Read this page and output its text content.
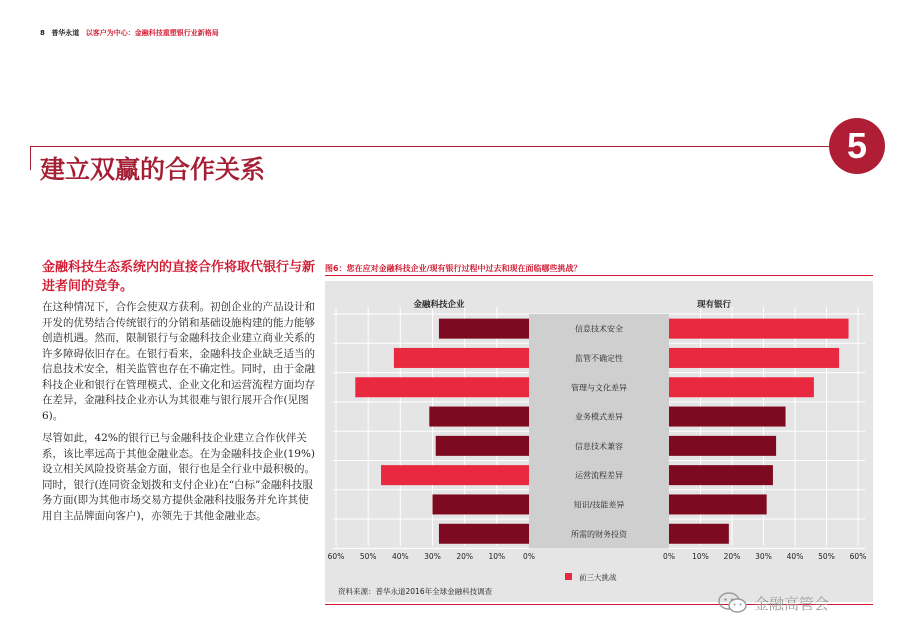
8 普华永道 以客户为中心：金融科技重塑银行业新格局
建立双赢的合作关系
5
金融科技生态系统内的直接合作将取代银行与新进者间的竞争。
在这种情况下，合作会使双方获利。初创企业的产品设计和开发的优势结合传统银行的分销和基础设施构建的能力能够创造机遇。然而，限制银行与金融科技企业建立商业关系的许多障碍依旧存在。在银行看来，金融科技企业缺乏适当的信息技术安全，相关监管也存在不确定性。同时，由于金融科技企业和银行在管理模式、企业文化和运营流程方面均存在差异，金融科技企业亦认为其很难与银行展开合作(见图6)。
尽管如此，42%的银行已与金融科技企业建立合作伙伴关系，该比率远高于其他金融业态。在为金融科技企业(19%)设立相关风险投资基金方面，银行也是全行业中最积极的。同时，银行(连同资金划拨和支付企业)在“白标”金融科技服务方面(即为其他市场交易方提供金融科技服务并允许其使用自主品牌面向客户)，亦领先于其他金融业态。
图6：您在应对金融科技企业/现有银行过程中过去和现在面临哪些挑战？
金融科技企业	现有银行
信息技术安全
监管不确定性
管理与文化差异
业务模式差异
信息技术兼容
运营流程差异
知识/技能差异
所需的财务投资
60% 50% 40% 30% 20% 10% 0%	0% 10% 20% 30% 40% 50% 60%
前三大挑战
资料来源：普华永道2016年全球金融科技调查
金融高管会
